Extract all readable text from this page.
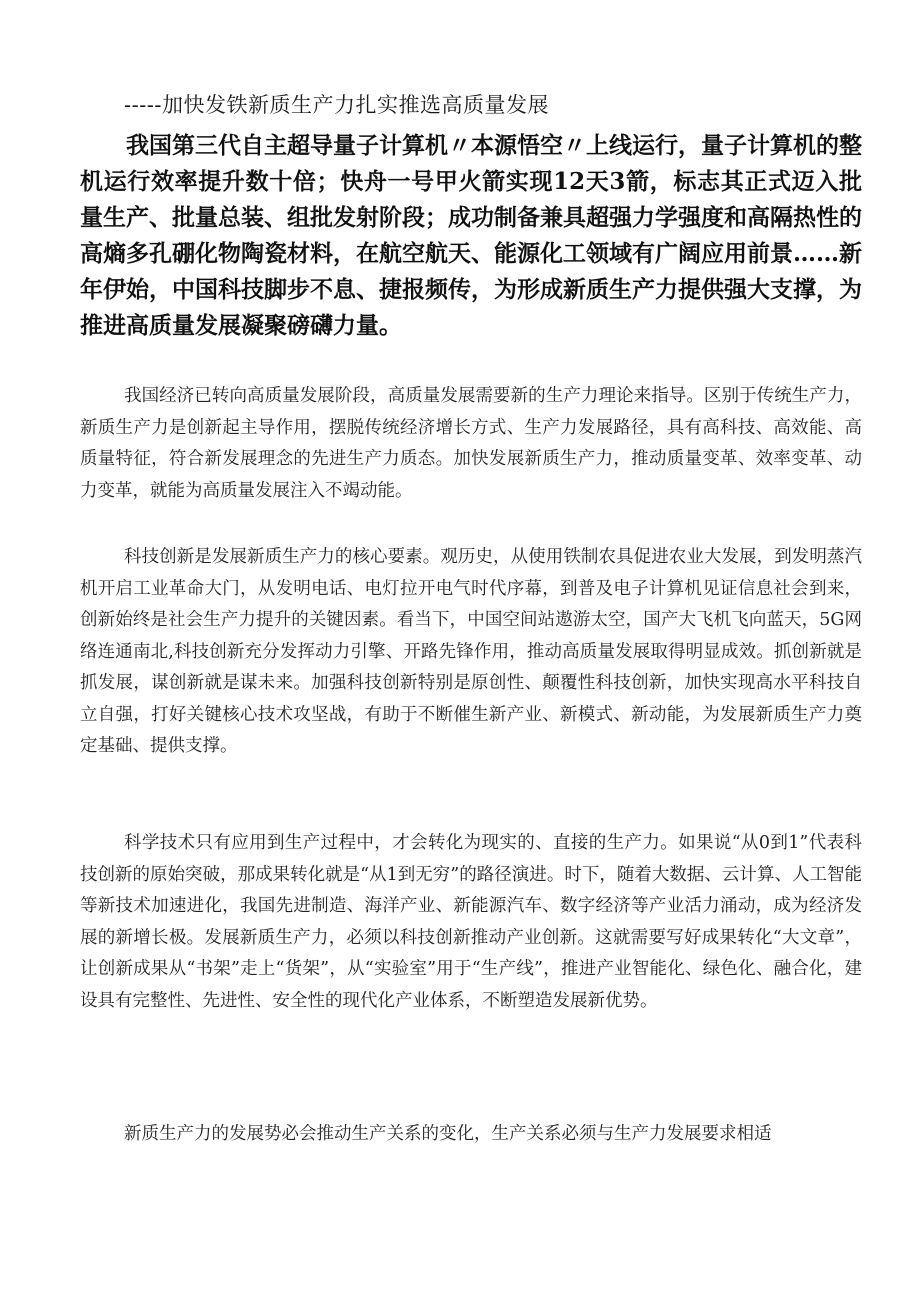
-----加快发铁新质生产力扎实推选高质量发展

我国第三代自主超导量子计算机〃本源悟空〃上线运行，量子计算机的整机运行效率提升数十倍；快舟一号甲火箭实现12天3箭，标志其正式迈入批量生产、批量总装、组批发射阶段；成功制备兼具超强力学强度和高隔热性的高熵多孔硼化物陶瓷材料，在航空航天、能源化工领域有广阔应用前景……新年伊始，中国科技脚步不息、捷报频传，为形成新质生产力提供强大支撑，为推进高质量发展凝聚磅礴力量。

我国经济已转向高质量发展阶段，高质量发展需要新的生产力理论来指导。区别于传统生产力，新质生产力是创新起主导作用，摆脱传统经济增长方式、生产力发展路径，具有高科技、高效能、高质量特征，符合新发展理念的先进生产力质态。加快发展新质生产力，推动质量变革、效率变革、动力变革，就能为高质量发展注入不竭动能。

科技创新是发展新质生产力的核心要素。观历史，从使用铁制农具促进农业大发展，到发明蒸汽机开启工业革命大门，从发明电话、电灯拉开电气时代序幕，到普及电子计算机见证信息社会到来，创新始终是社会生产力提升的关键因素。看当下，中国空间站遨游太空，国产大飞机飞向蓝天，5G网络连通南北,科技创新充分发挥动力引擎、开路先锋作用，推动高质量发展取得明显成效。抓创新就是抓发展，谋创新就是谋未来。加强科技创新特别是原创性、颠覆性科技创新，加快实现高水平科技自立自强，打好关键核心技术攻坚战，有助于不断催生新产业、新模式、新动能，为发展新质生产力奠定基础、提供支撑。

科学技术只有应用到生产过程中，才会转化为现实的、直接的生产力。如果说“从0到1”代表科技创新的原始突破，那成果转化就是“从1到无穷”的路径演进。时下，随着大数据、云计算、人工智能等新技术加速进化，我国先进制造、海洋产业、新能源汽车、数字经济等产业活力涌动，成为经济发展的新增长极。发展新质生产力，必须以科技创新推动产业创新。这就需要写好成果转化“大文章”，让创新成果从“书架”走上“货架”，从“实验室”用于“生产线”，推进产业智能化、绿色化、融合化，建设具有完整性、先进性、安全性的现代化产业体系，不断塑造发展新优势。

新质生产力的发展势必会推动生产关系的变化，生产关系必须与生产力发展要求相适
